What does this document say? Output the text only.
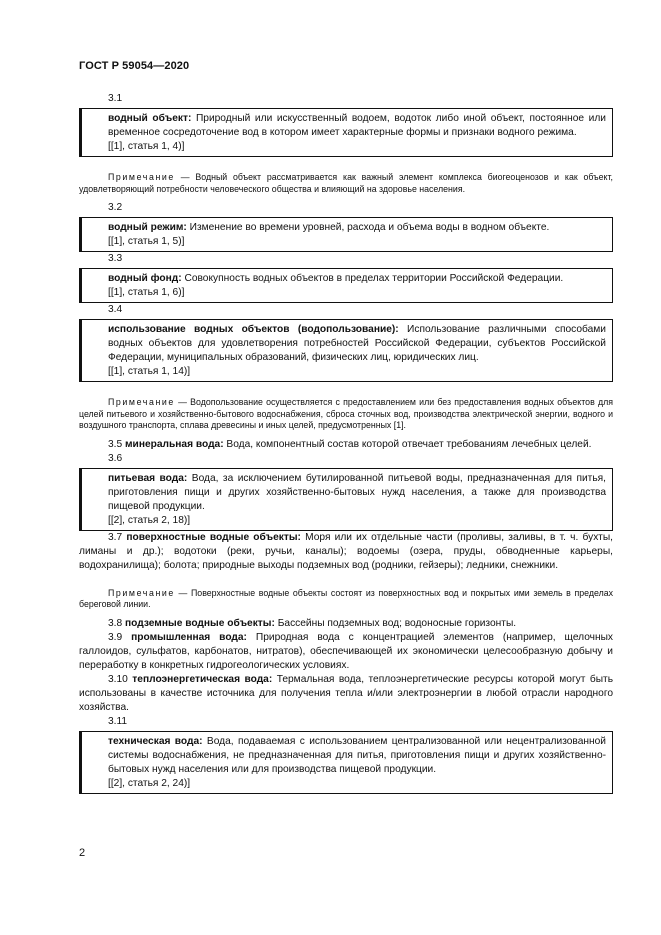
ГОСТ Р 59054—2020
3.1
водный объект: Природный или искусственный водоем, водоток либо иной объект, постоянное или временное сосредоточение вод в котором имеет характерные формы и признаки водного режима.
[[1], статья 1, 4)]
Примечание — Водный объект рассматривается как важный элемент комплекса биогеоценозов и как объект, удовлетворяющий потребности человеческого общества и влияющий на здоровье населения.
3.2
водный режим: Изменение во времени уровней, расхода и объема воды в водном объекте.
[[1], статья 1, 5)]
3.3
водный фонд: Совокупность водных объектов в пределах территории Российской Федерации.
[[1], статья 1, 6)]
3.4
использование водных объектов (водопользование): Использование различными способами водных объектов для удовлетворения потребностей Российской Федерации, субъектов Российской Федерации, муниципальных образований, физических лиц, юридических лиц.
[[1], статья 1, 14)]
Примечание — Водопользование осуществляется с предоставлением или без предоставления водных объектов для целей питьевого и хозяйственно-бытового водоснабжения, сброса сточных вод, производства электрической энергии, водного и воздушного транспорта, сплава древесины и иных целей, предусмотренных [1].

3.5 минеральная вода: Вода, компонентный состав которой отвечает требованиям лечебных целей.

3.6
питьевая вода: Вода, за исключением бутилированной питьевой воды, предназначенная для питья, приготовления пищи и других хозяйственно-бытовых нужд населения, а также для производства пищевой продукции.
[[2], статья 2, 18)]

3.7 поверхностные водные объекты: Моря или их отдельные части (проливы, заливы, в т. ч. бухты, лиманы и др.); водотоки (реки, ручьи, каналы); водоемы (озера, пруды, обводненные карьеры, водохранилища); болота; природные выходы подземных вод (родники, гейзеры); ледники, снежники.

Примечание — Поверхностные водные объекты состоят из поверхностных вод и покрытых ими земель в пределах береговой линии.

3.8 подземные водные объекты: Бассейны подземных вод; водоносные горизонты.

3.9 промышленная вода: Природная вода с концентрацией элементов (например, щелочных галлоидов, сульфатов, карбонатов, нитратов), обеспечивающей их экономически целесообразную добычу и переработку в конкретных гидрогеологических условиях.

3.10 теплоэнергетическая вода: Термальная вода, теплоэнергетические ресурсы которой могут быть использованы в качестве источника для получения тепла и/или электроэнергии в любой отрасли народного хозяйства.

3.11
техническая вода: Вода, подаваемая с использованием централизованной или нецентрализованной системы водоснабжения, не предназначенная для питья, приготовления пищи и других хозяйственно-бытовых нужд населения или для производства пищевой продукции.
[[2], статья 2, 24)]
2
